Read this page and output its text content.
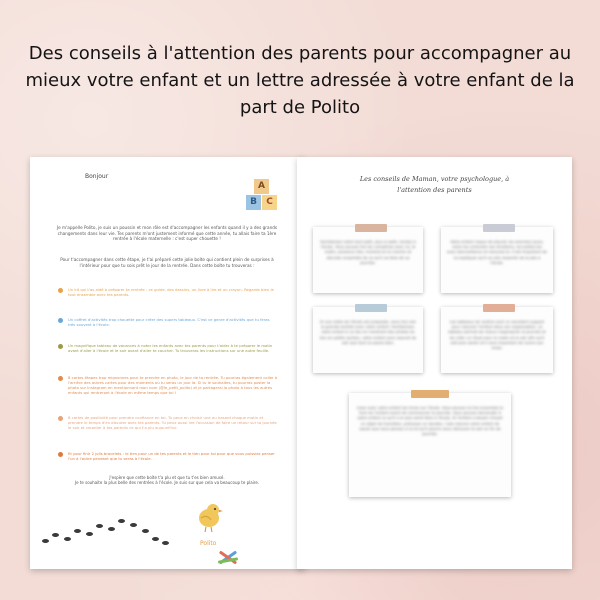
Des conseils à l'attention des parents pour accompagner au
mieux votre enfant et un lettre adressée à votre enfant de la
part de Polito
Bonjour
A
B	C
Je m'appelle Polito, je suis un poussin et mon rôle est d'accompagner les enfants quand il y a des grands changements dans leur vie. Tes parents m'ont justement informé que cette année, tu allais faire ta 1ère rentrée à l'école maternelle : c'est super chouette !
Pour t'accompagner dans cette étape, je t'ai préparé cette jolie boîte qui contient plein de surprises à l'intérieur pour que tu sois prêt le jour de la rentrée. Dans cette boîte tu trouveras :
Un kit qui t'as aidé à préparer ta rentrée : ce guide, des dessins, un livre à lire et un crayon. Regarde bien le tout ensemble avec tes parents.
Un coffret d'activités trop chouette pour créer des supers tableaux. C'est ce genre d'activités que tu feras très souvent à l'école.
Un magnifique tableau de vacances à noter les enfants avec tes parents pour t'aider à te préparer le matin avant d'aller à l'école et le soir avant d'aller te coucher. Tu trouveras les instructions sur une autre feuille.
8 cartes étapes trop mignonnes pour te prendre en photo, le jour de ta rentrée. Tu pourras également coller à l'arrière des autres cartes pour des moments où tu seras un jour là. Si tu le souhaites, tu pourras poster la photo sur Instagram en mentionnant mon nom (@le_petit_polito) et je partagerai la photo à tous les autres enfants qui rentreront à l'école en même temps que toi !
6 cartes de positivité pour prendre confiance en toi. Tu peux en choisir une au hasard chaque matin et prendre le temps d'en discuter avec tes parents. Tu peux aussi lire l'occasion de faire un retour sur ta journée le soir et raconter à tes parents ce qui t'a plu aujourd'hui.
Et pour finir 2 jolis bracelets : le tien pour un de tes parents et le tien pour toi pour que vous puissiez penser l'un à l'autre pendant que tu seras à l'école.
J'espère que cette boîte t'a plu et que tu t'es bien amusé.
Je te souhaite la plus belle des rentrées à l'école. Je suis sur que cela va beaucoup te plaire.
Polito
Les conseils de Maman, votre psychologue, à
l'attention des parents
Familiarisez votre tout petit, plus si petit, rendez à l'école. Vous pouvez lire les comptines avec lui, le matin, plusieurs fois, montrer-lui le chemin et discuter ensemble de ce qu'il va faire de sa journée.
Votre enfant risque de pleurer les premiers jours, votre tou entendre ses émotions, accueillez-les avec bienveillance et rassurez-le. Il est important de lui expliquer qu'il va vite ressentir de la joie à l'école.
Si une visite de l'école est proposée, vous irez voir la grande-rentrée avec votre enfant. Familiarisez-votre enfant à ce lieu en montrant des photos du lieu en petite section, votre enfant sera rassuré de voir que tout se passe bien.
Les tableaux de routine sont un excellent support pour rassurer l'enfant dans son organisation. Le tableau permet de mieux s'approprier la journée et de créer un rituel pour le matin et le soir afin qu'il soit plus serein et il sera important de suivre son choix.
Lisez avec votre enfant les livres sur l'école. Vous pouvez lui lire ensemble le livre de l'enfant avant de commencer la journée. Vous pouvez demander à votre enfant ce qu'il a le plus aimé faire à l'école. Si l'enfant a besoin d'avoir un objet de transition, prévoyez un doudou. Cela rassure votre enfant de savoir que vous pensez à lui et qu'il pourra vous retrouver le soir en fin de journée.
